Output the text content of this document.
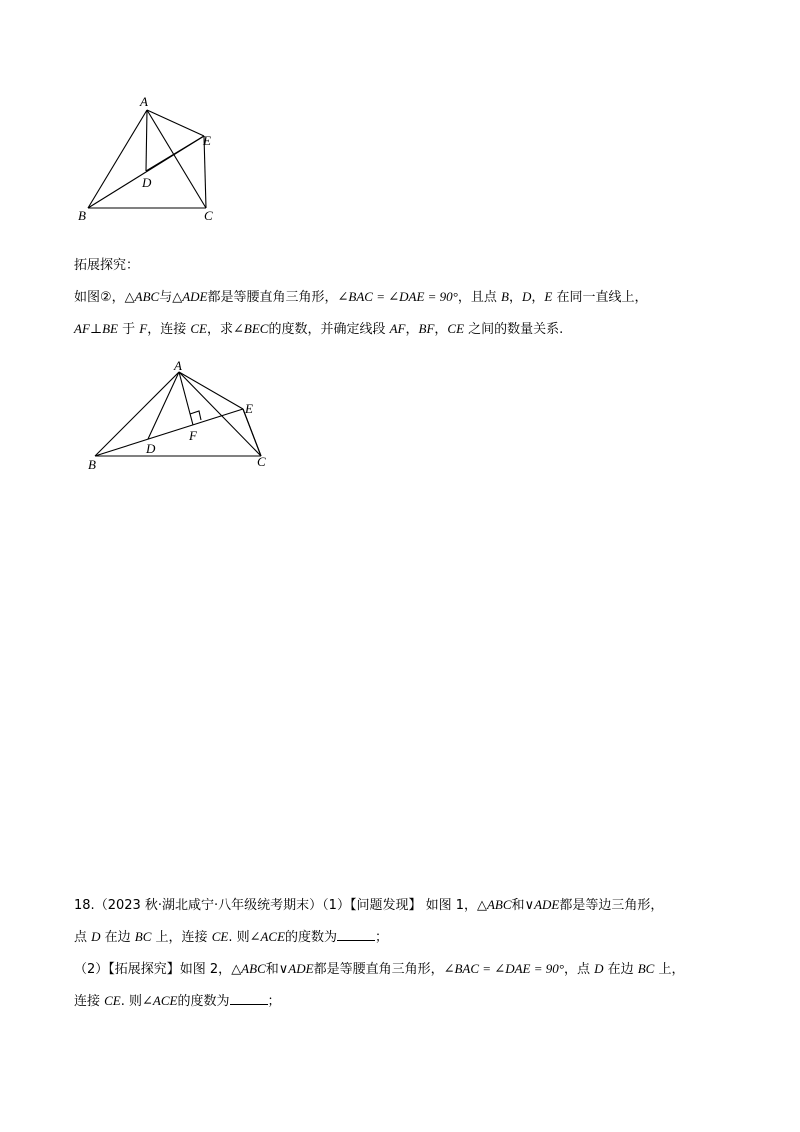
A
B	C
D
E
拓展探究：
如图②，△ABC与△ADE都是等腰直角三角形，∠BAC = ∠DAE = 90°，且点 B，D，E 在同一直线上，
AF⊥BE 于 F，连接 CE，求∠BEC的度数，并确定线段 AF，BF，CE 之间的数量关系.
A
B	C
D
E
F
18.（2023 秋·湖北咸宁·八年级统考期末）（1）【问题发现】 如图 1，△ABC和∨ADE都是等边三角形，
点 D 在边 BC 上，连接 CE. 则∠ACE的度数为	；
（2）【拓展探究】如图 2，△ABC和∨ADE都是等腰直角三角形，∠BAC = ∠DAE = 90°，点 D 在边 BC 上，
连接 CE. 则∠ACE的度数为	；
